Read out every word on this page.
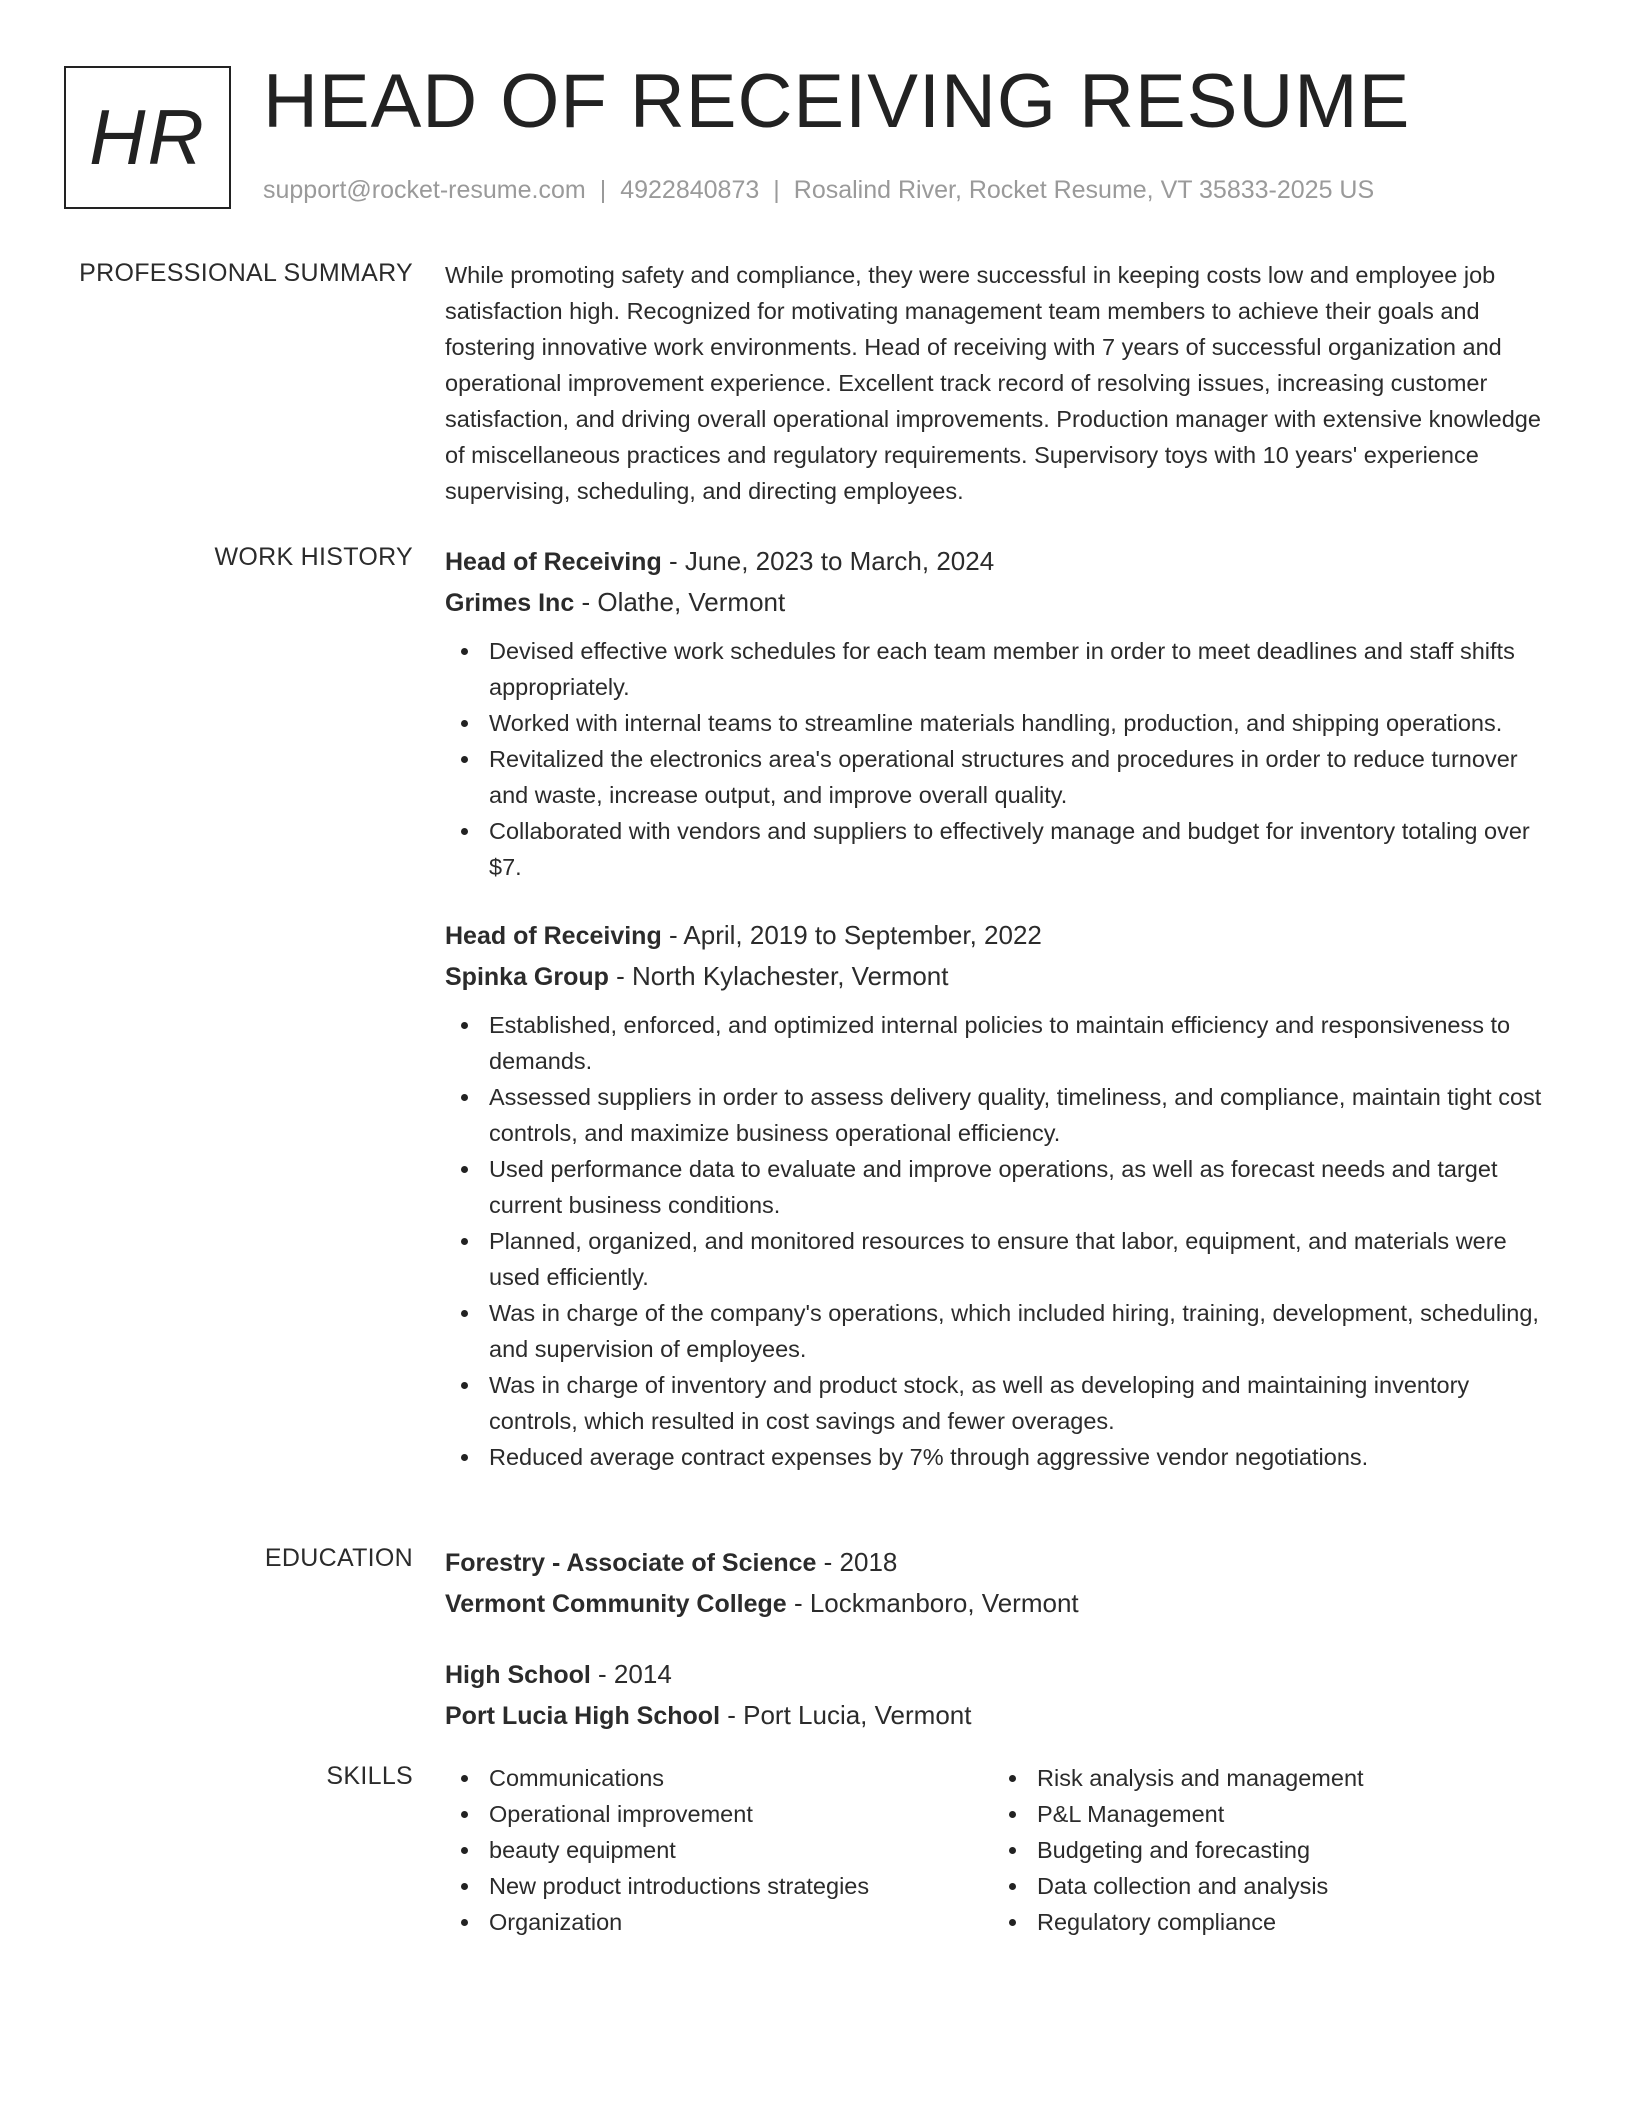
HR HEAD OF RECEIVING RESUME
support@rocket-resume.com | 4922840873 | Rosalind River, Rocket Resume, VT 35833-2025 US
PROFESSIONAL SUMMARY While promoting safety and compliance, they were successful in keeping costs low and employee job satisfaction high. Recognized for motivating management team members to achieve their goals and fostering innovative work environments. Head of receiving with 7 years of successful organization and operational improvement experience. Excellent track record of resolving issues, increasing customer satisfaction, and driving overall operational improvements. Production manager with extensive knowledge of miscellaneous practices and regulatory requirements. Supervisory toys with 10 years' experience supervising, scheduling, and directing employees.

WORK HISTORY Head of Receiving - June, 2023 to March, 2024
Grimes Inc - Olathe, Vermont
Devised effective work schedules for each team member in order to meet deadlines and staff shifts appropriately.
Worked with internal teams to streamline materials handling, production, and shipping operations.
Revitalized the electronics area's operational structures and procedures in order to reduce turnover and waste, increase output, and improve overall quality.
Collaborated with vendors and suppliers to effectively manage and budget for inventory totaling over $7.
Head of Receiving - April, 2019 to September, 2022
Spinka Group - North Kylachester, Vermont
Established, enforced, and optimized internal policies to maintain efficiency and responsiveness to demands.
Assessed suppliers in order to assess delivery quality, timeliness, and compliance, maintain tight cost controls, and maximize business operational efficiency.
Used performance data to evaluate and improve operations, as well as forecast needs and target current business conditions.
Planned, organized, and monitored resources to ensure that labor, equipment, and materials were used efficiently.
Was in charge of the company's operations, which included hiring, training, development, scheduling, and supervision of employees.
Was in charge of inventory and product stock, as well as developing and maintaining inventory controls, which resulted in cost savings and fewer overages.
Reduced average contract expenses by 7% through aggressive vendor negotiations.
EDUCATION Forestry - Associate of Science - 2018
Vermont Community College - Lockmanboro, Vermont
High School - 2014
Port Lucia High School - Port Lucia, Vermont
SKILLS	Communications
Operational improvement
beauty equipment
New product introductions strategies
Organization
Risk analysis and management
P&L Management
Budgeting and forecasting
Data collection and analysis
Regulatory compliance
